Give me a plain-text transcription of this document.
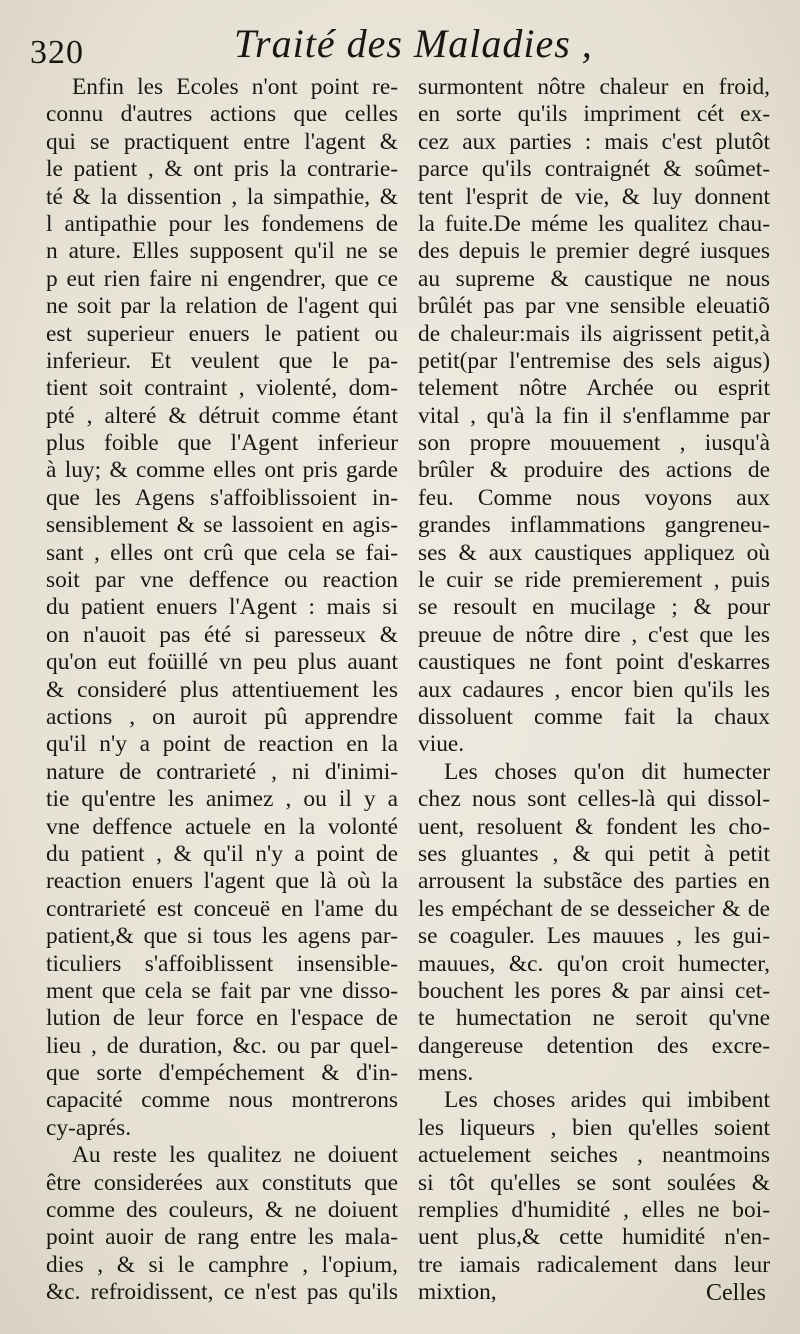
320	Traité des Maladies ,
Enfin les Ecoles n'ont point re-
connu d'autres actions que celles
qui se practiquent entre l'agent &
le patient , & ont pris la contrarie-
té & la dissention , la simpathie, &
l antipathie pour les fondemens de
n ature. Elles supposent qu'il ne se
p eut rien faire ni engendrer, que ce
ne soit par la relation de l'agent qui
est superieur enuers le patient ou
inferieur. Et veulent que le pa-
tient soit contraint , violenté, dom-
pté , alteré & détruit comme étant
plus foible que l'Agent inferieur
à luy; & comme elles ont pris garde
que les Agens s'affoiblissoient in-
sensiblement & se lassoient en agis-
sant , elles ont crû que cela se fai-
soit par vne deffence ou reaction
du patient enuers l'Agent : mais si
on n'auoit pas été si paresseux &
qu'on eut foüillé vn peu plus auant
& consideré plus attentiuement les
actions , on auroit pû apprendre
qu'il n'y a point de reaction en la
nature de contrarieté , ni d'inimi-
tie qu'entre les animez , ou il y a
vne deffence actuele en la volonté
du patient , & qu'il n'y a point de
reaction enuers l'agent que là où la
contrarieté est conceuë en l'ame du
patient,& que si tous les agens par-
ticuliers s'affoiblissent insensible-
ment que cela se fait par vne disso-
lution de leur force en l'espace de
lieu , de duration, &c. ou par quel-
que sorte d'empéchement & d'in-
capacité comme nous montrerons
cy-aprés.
Au reste les qualitez ne doiuent
être considerées aux constituts que
comme des couleurs, & ne doiuent
point auoir de rang entre les mala-
dies , & si le camphre , l'opium,
&c. refroidissent, ce n'est pas qu'ils
surmontent nôtre chaleur en froid,
en sorte qu'ils impriment cét ex-
cez aux parties : mais c'est plutôt
parce qu'ils contraignét & soûmet-
tent l'esprit de vie, & luy donnent
la fuite.De méme les qualitez chau-
des depuis le premier degré iusques
au supreme & caustique ne nous
brûlét pas par vne sensible eleuatiõ
de chaleur:mais ils aigrissent petit,à
petit(par l'entremise des sels aigus)
telement nôtre Archée ou esprit
vital , qu'à la fin il s'enflamme par
son propre mouuement , iusqu'à
brûler & produire des actions de
feu. Comme nous voyons aux
grandes inflammations gangreneu-
ses & aux caustiques appliquez où
le cuir se ride premierement , puis
se resoult en mucilage ; & pour
preuue de nôtre dire , c'est que les
caustiques ne font point d'eskarres
aux cadaures , encor bien qu'ils les
dissoluent comme fait la chaux
viue.
Les choses qu'on dit humecter
chez nous sont celles-là qui dissol-
uent, resoluent & fondent les cho-
ses gluantes , & qui petit à petit
arrousent la substãce des parties en
les empéchant de se desseicher & de
se coaguler. Les mauues , les gui-
mauues, &c. qu'on croit humecter,
bouchent les pores & par ainsi cet-
te humectation ne seroit qu'vne
dangereuse detention des excre-
mens.
Les choses arides qui imbibent
les liqueurs , bien qu'elles soient
actuelement seiches , neantmoins
si tôt qu'elles se sont soulées &
remplies d'humidité , elles ne boi-
uent plus,& cette humidité n'en-
tre iamais radicalement dans leur
mixtion,	Celles
